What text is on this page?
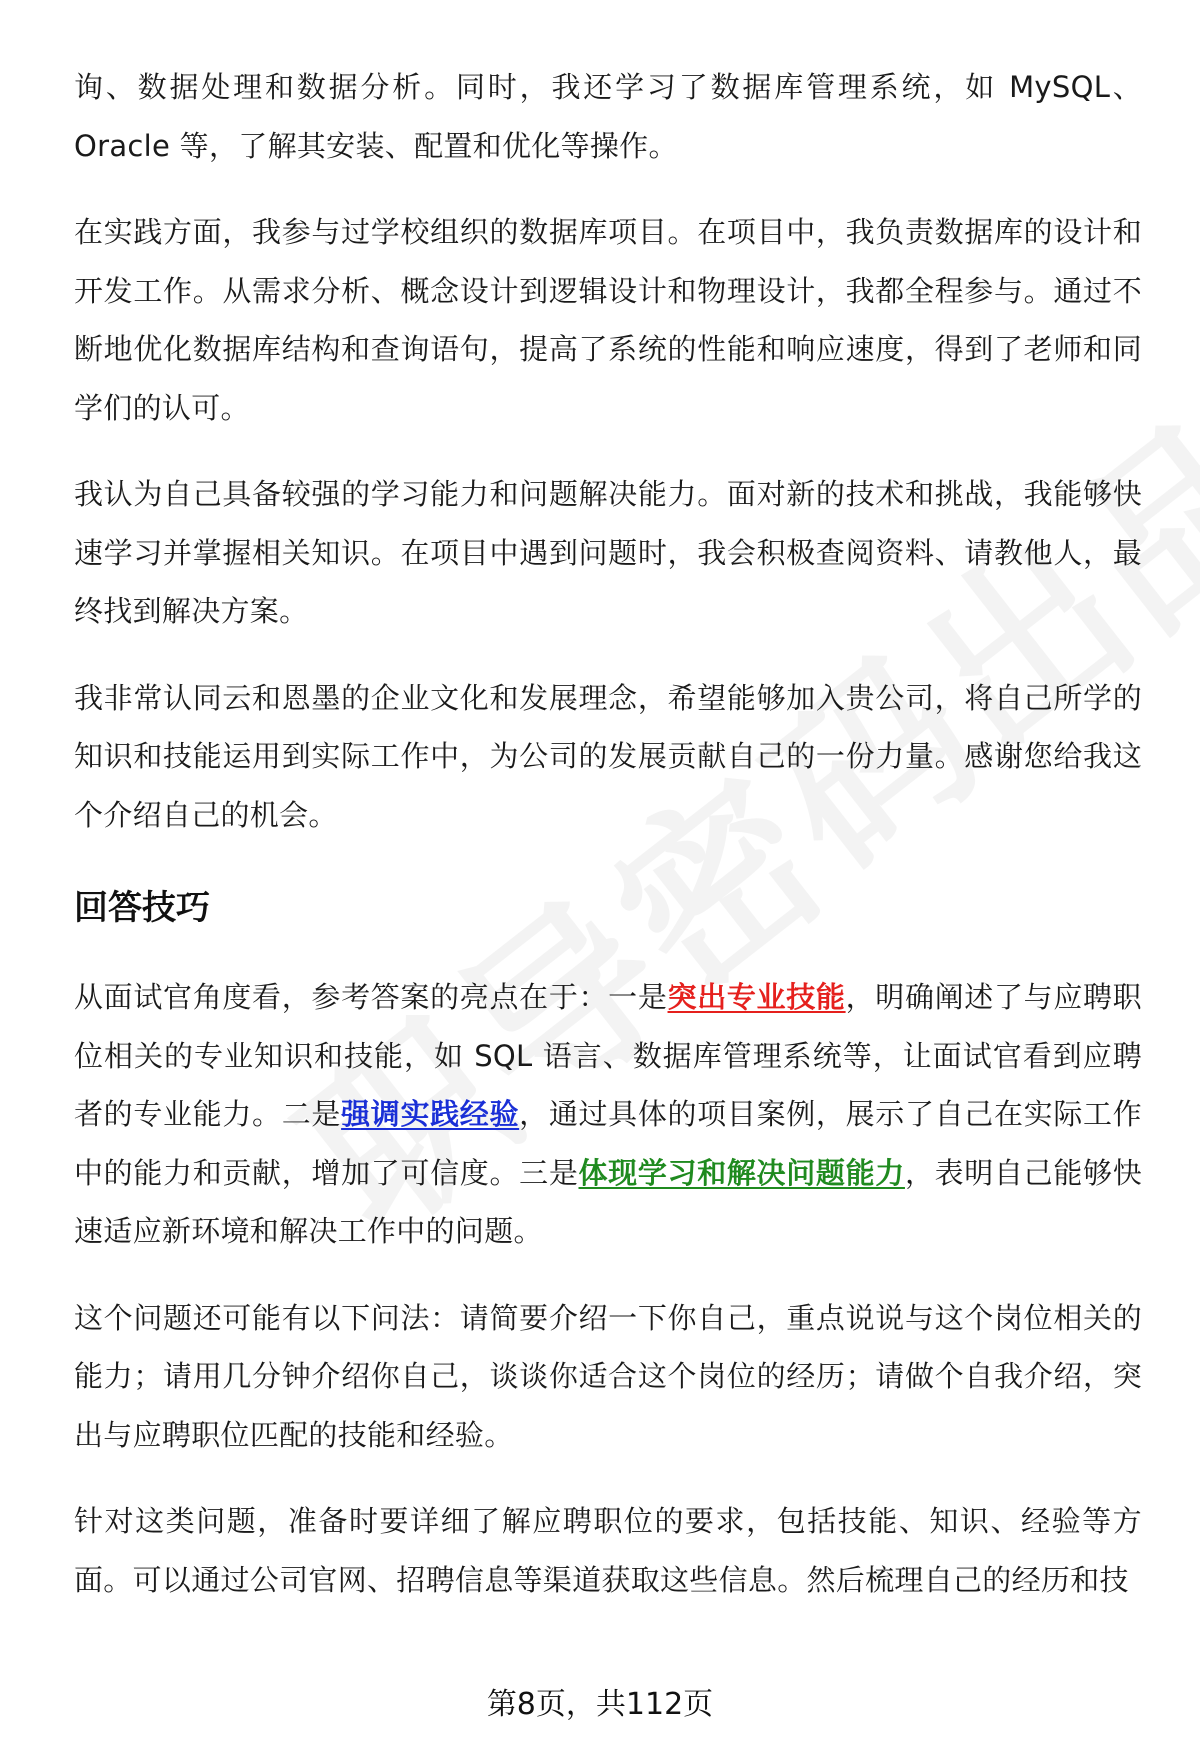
询、数据处理和数据分析。同时，我还学习了数据库管理系统，如 MySQL、Oracle 等，了解其安装、配置和优化等操作。

在实践方面，我参与过学校组织的数据库项目。在项目中，我负责数据库的设计和开发工作。从需求分析、概念设计到逻辑设计和物理设计，我都全程参与。通过不断地优化数据库结构和查询语句，提高了系统的性能和响应速度，得到了老师和同学们的认可。

我认为自己具备较强的学习能力和问题解决能力。面对新的技术和挑战，我能够快速学习并掌握相关知识。在项目中遇到问题时，我会积极查阅资料、请教他人，最终找到解决方案。

我非常认同云和恩墨的企业文化和发展理念，希望能够加入贵公司，将自己所学的知识和技能运用到实际工作中，为公司的发展贡献自己的一份力量。感谢您给我这个介绍自己的机会。

回答技巧

从面试官角度看，参考答案的亮点在于：一是突出专业技能，明确阐述了与应聘职位相关的专业知识和技能，如 SQL 语言、数据库管理系统等，让面试官看到应聘者的专业能力。二是强调实践经验，通过具体的项目案例，展示了自己在实际工作中的能力和贡献，增加了可信度。三是体现学习和解决问题能力，表明自己能够快速适应新环境和解决工作中的问题。

这个问题还可能有以下问法：请简要介绍一下你自己，重点说说与这个岗位相关的能力；请用几分钟介绍你自己，谈谈你适合这个岗位的经历；请做个自我介绍，突出与应聘职位匹配的技能和经验。

针对这类问题，准备时要详细了解应聘职位的要求，包括技能、知识、经验等方面。可以通过公司官网、招聘信息等渠道获取这些信息。然后梳理自己的经历和技

第8页，共112页
